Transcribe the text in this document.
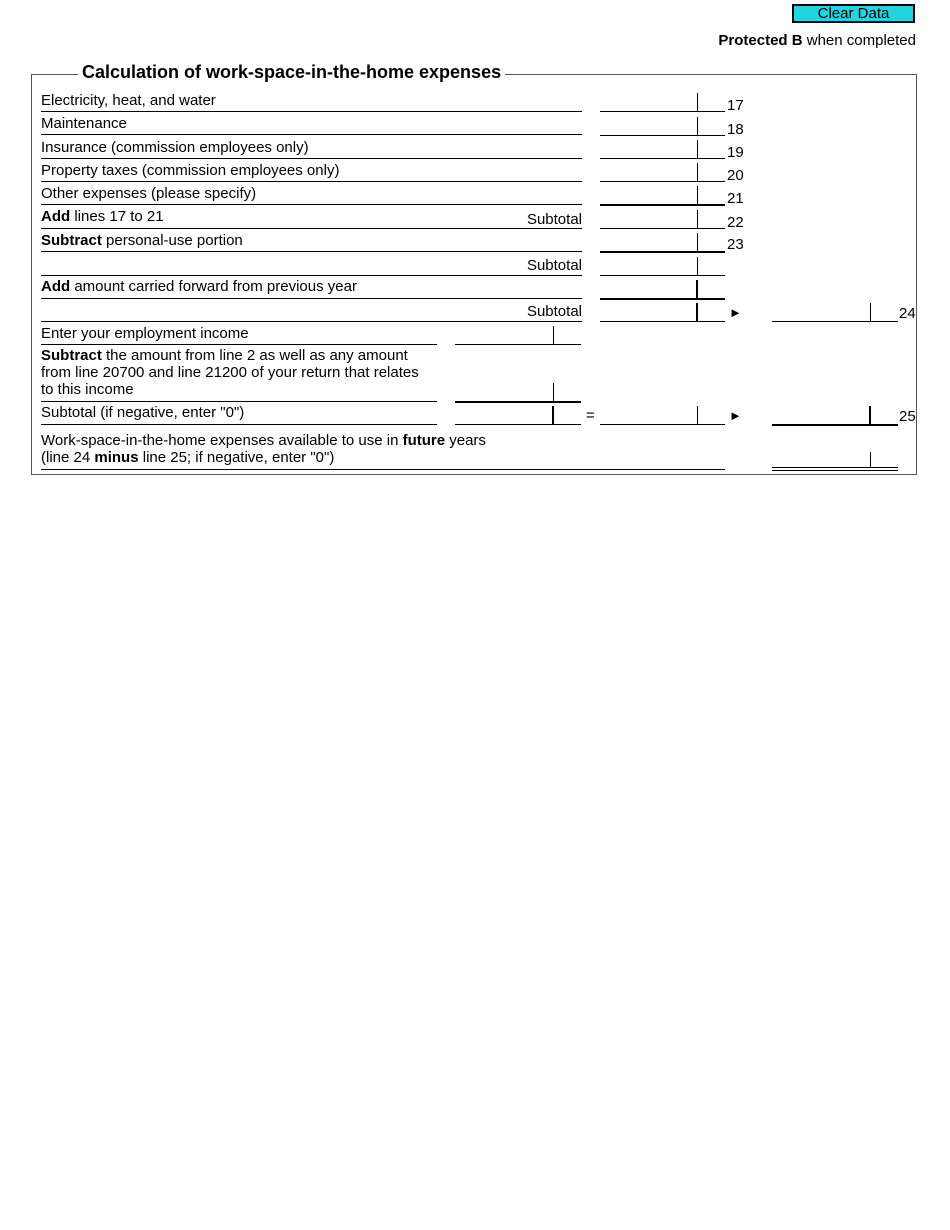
Clear Data
Protected B when completed
Calculation of work-space-in-the-home expenses
Electricity, heat, and water	17
Maintenance	18
Insurance (commission employees only)	19
Property taxes (commission employees only)	20
Other expenses (please specify)	21
Add lines 17 to 21	Subtotal	22
Subtract personal-use portion	23
Subtotal
Add amount carried forward from previous year
Subtotal	►	24
Enter your employment income
Subtract the amount from line 2 as well as any amount
from line 20700 and line 21200 of your return that relates
to this income
Subtotal (if negative, enter "0")	=	►	25
Work-space-in-the-home expenses available to use in future years
(line 24 minus line 25; if negative, enter "0")
